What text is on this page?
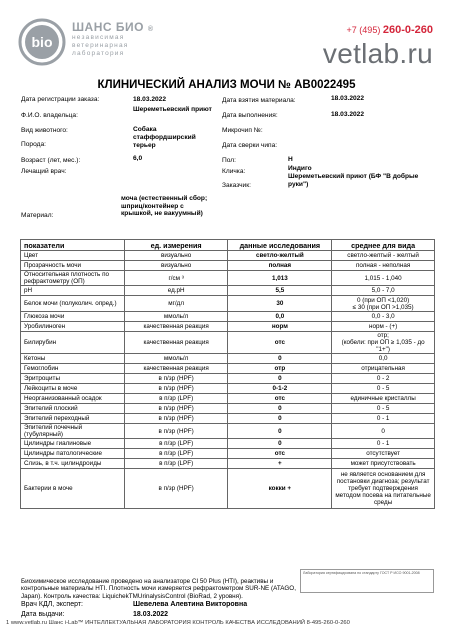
bio
ШАНС БИО ®
независимая
ветеринарная
лаборатория
+7 (495) 260-0-260
vetlab.ru
КЛИНИЧЕСКИЙ АНАЛИЗ МОЧИ № AB0022495
Дата регистрации заказа:	18.03.2022
Ф.И.О. владельца:
Шереметьевский приют
Вид животного:	Собака
Порода:
стаффордширский терьер
Возраст (лет, мес.):	6,0
Лечащий врач:
Материал:
моча (естественный сбор; шприц/контейнер с крышкой, не вакуумный)
Дата взятия материала:	18.03.2022
Дата выполнения:	18.03.2022
Микрочип №:
Дата сверки чипа:
Пол:	Н
Кличка:	Индиго
Заказчик:
Шереметьевский приют (БФ "В добрые руки")
показатели	ед. измерения	данные исследования	среднее для вида
Цвет	визуально	светло-желтый	светло-желтый - желтый
Прозрачность мочи	визуально	полная	полная - неполная
Относительная плотность по рефрактометру (ОП)	г/см ³	1,013	1,015 - 1,040
pH	ед.pH	5,5	5,0 - 7,0
Белок мочи (полуколич. опред.)	мг/дл	30	0 (при ОП <1,020)
≤ 30 (при ОП >1,035)
Глюкоза мочи	ммоль/л	0,0	0,0 - 3,0
Уробилиноген	качественная реакция	норм	норм - (+)
Билирубин	качественная реакция	отс	отр;
(кобели: при ОП ≥ 1,035 - до "1+")
Кетоны	ммоль/л	0	0,0
Гемоглобин	качественная реакция	отр	отрицательная
Эритроциты	в п/зр (HPF)	0	0 - 2
Лейкоциты в моче	в п/зр (HPF)	0-1-2	0 - 5
Неорганизованный осадок	в п/зр (LPF)	отс	единичные кристаллы
Эпителий плоский	в п/зр (HPF)	0	0 - 5
Эпителий переходный	в п/зр (HPF)	0	0 - 1
Эпителий почечный (тубулярный)	в п/зр (HPF)	0	0
Цилиндры гиалиновые	в п/зр (LPF)	0	0 - 1
Цилиндры патологические	в п/зр (LPF)	отс	отсутствует
Слизь, в т.ч. цилиндроиды	в п/зр (LPF)	+	может присутствовать
Бактерии в моче	в п/зр (HPF)	кокки +	не является основанием для постановки диагноза; результат требует подтверждения методом посева на питательные среды
Биохимическое исследование проведено на анализаторе CI 50 Plus (HTI), реактивы и контрольные материалы HTI. Плотность мочи измеряется рефрактометром SUR-NE (ATAGO, Japan). Контроль качества: LiquichekTMUrinalysisControl (BioRad, 2 уровня).
Лаборатория сертифицирована по стандарту ГОСТ Р ИСО 9001-2008
Врач КДЛ, эксперт:	Шевелева Алевтина Викторовна
Дата выдачи:	18.03.2022
1 www.vetlab.ru Шанс i-Lab™ ИНТЕЛЛЕКТУАЛЬНАЯ ЛАБОРАТОРИЯ КОНТРОЛЬ КАЧЕСТВА ИССЛЕДОВАНИЙ 8-495-260-0-260
